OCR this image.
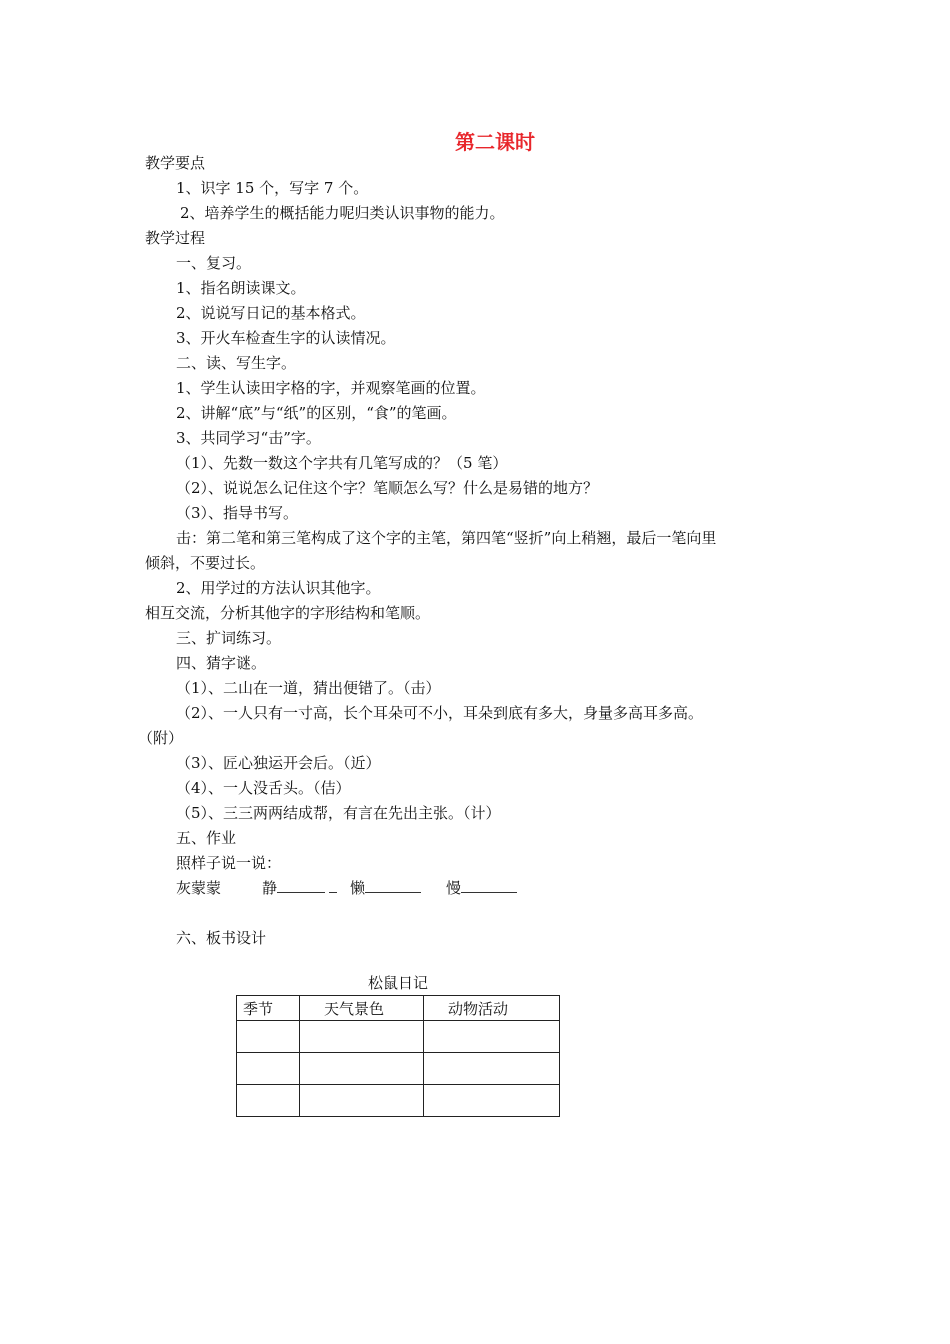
第二课时
教学要点
1、识字 15 个，写字 7 个。
2、培养学生的概括能力呢归类认识事物的能力。
教学过程
一、复习。
1、指名朗读课文。
2、说说写日记的基本格式。
3、开火车检查生字的认读情况。
二、读、写生字。
1、学生认读田字格的字，并观察笔画的位置。
2、讲解“底”与“纸”的区别，“食”的笔画。
3、共同学习“击”字。
（1）、先数一数这个字共有几笔写成的？（5 笔）
（2）、说说怎么记住这个字？笔顺怎么写？什么是易错的地方？
（3）、指导书写。
击：第二笔和第三笔构成了这个字的主笔，第四笔“竖折”向上稍翘，最后一笔向里
倾斜，不要过长。
2、用学过的方法认识其他字。
相互交流，分析其他字的字形结构和笔顺。
三、扩词练习。
四、猜字谜。
（1）、二山在一道，猜出便错了。（击）
（2）、一人只有一寸高，长个耳朵可不小，耳朵到底有多大，身量多高耳多高。
（附）
（3）、匠心独运开会后。（近）
（4）、一人没舌头。（佶）
（5）、三三两两结成帮，有言在先出主张。（计）
五、作业
照样子说一说：
灰蒙蒙	静	懒	慢
六、板书设计
松鼠日记
季节	天气景色	动物活动
